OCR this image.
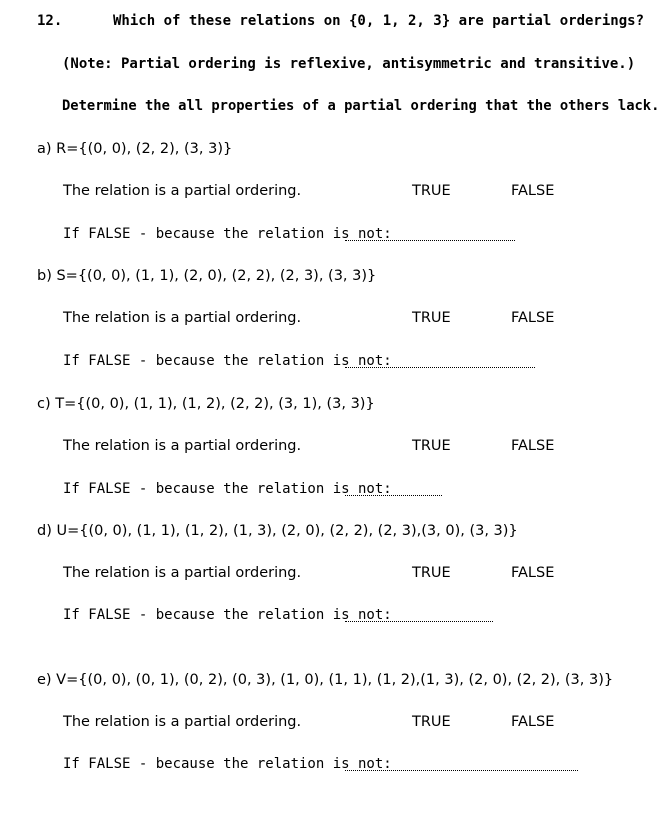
12.	Which of these relations on {0, 1, 2, 3} are partial orderings?
(Note: Partial ordering is reflexive, antisymmetric and transitive.)
Determine the all properties of a partial ordering that the others lack.
a) R={(0, 0), (2, 2), (3, 3)}
The relation is a partial ordering.	TRUE	FALSE
If FALSE - because the relation is not:
b) S={(0, 0), (1, 1), (2, 0), (2, 2), (2, 3), (3, 3)}
The relation is a partial ordering.	TRUE	FALSE
If FALSE - because the relation is not:
c) T={(0, 0), (1, 1), (1, 2), (2, 2), (3, 1), (3, 3)}
The relation is a partial ordering.	TRUE	FALSE
If FALSE - because the relation is not:
d) U={(0, 0), (1, 1), (1, 2), (1, 3), (2, 0), (2, 2), (2, 3),(3, 0), (3, 3)}
The relation is a partial ordering.	TRUE	FALSE
If FALSE - because the relation is not:
e) V={(0, 0), (0, 1), (0, 2), (0, 3), (1, 0), (1, 1), (1, 2),(1, 3), (2, 0), (2, 2), (3, 3)}
The relation is a partial ordering.	TRUE	FALSE
If FALSE - because the relation is not:
